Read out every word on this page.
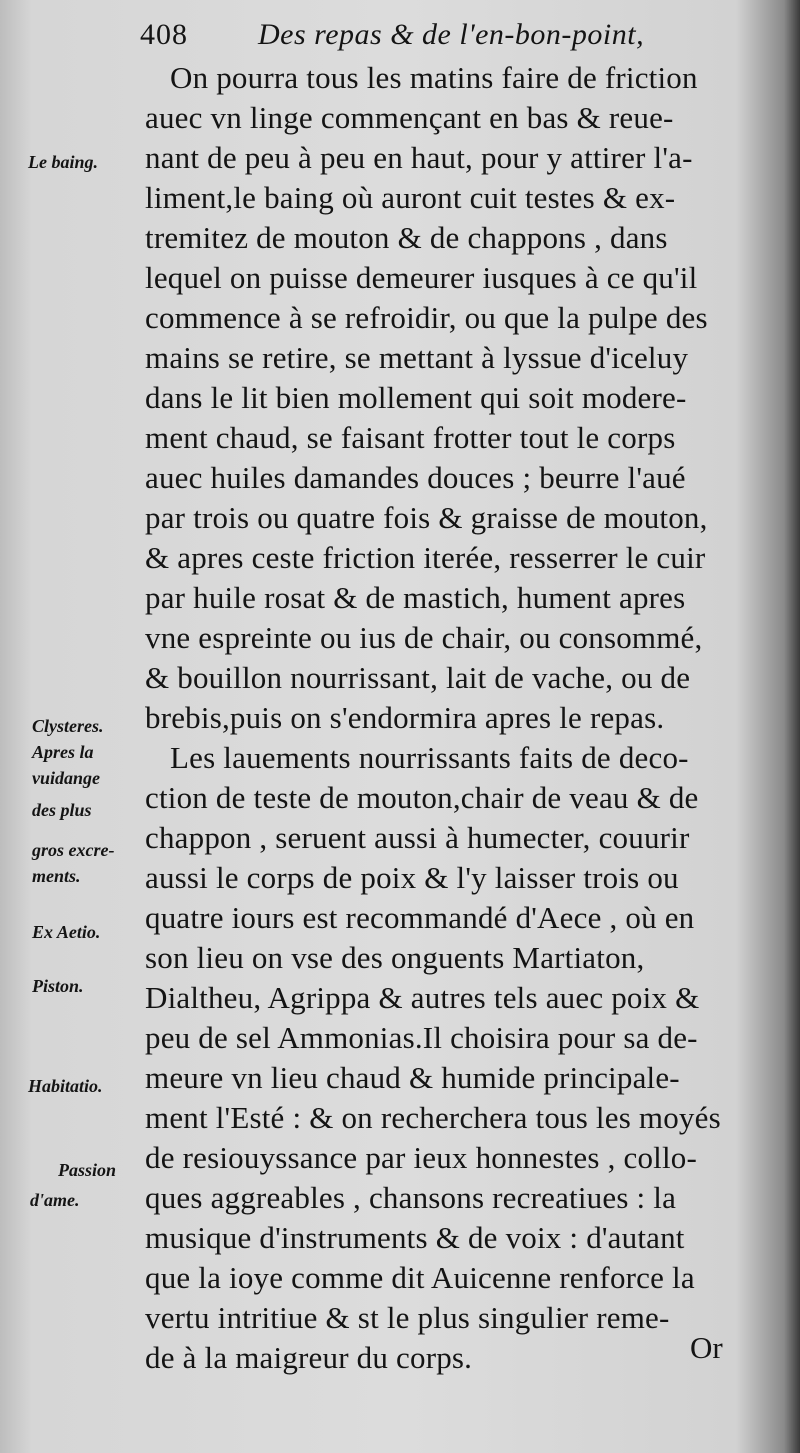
408 Des repas & de l'en-bon-point,
On pourra tous les matins faire de friction
auec vn linge commençant en bas & reue-
nant de peu à peu en haut, pour y attirer l'a-
liment,le baing où auront cuit testes & ex-
tremitez de mouton & de chappons , dans
lequel on puisse demeurer iusques à ce qu'il
commence à se refroidir, ou que la pulpe des
mains se retire, se mettant à lyssue d'iceluy
dans le lit bien mollement qui soit modere-
ment chaud, se faisant frotter tout le corps
auec huiles damandes douces ; beurre l'aué
par trois ou quatre fois & graisse de mouton,
& apres ceste friction iterée, resserrer le cuir
par huile rosat & de mastich, hument apres
vne espreinte ou ius de chair, ou consommé,
& bouillon nourrissant, lait de vache, ou de
brebis,puis on s'endormira apres le repas.
Les lauements nourrissants faits de deco-
ction de teste de mouton,chair de veau & de
chappon , seruent aussi à humecter, couurir
aussi le corps de poix & l'y laisser trois ou
quatre iours est recommandé d'Aece , où en
son lieu on vse des onguents Martiaton,
Dialtheu, Agrippa & autres tels auec poix &
peu de sel Ammonias.Il choisira pour sa de-
meure vn lieu chaud & humide principale-
ment l'Esté : & on recherchera tous les moyés
de resiouyssance par ieux honnestes , collo-
ques aggreables , chansons recreatiues : la
musique d'instruments & de voix : d'autant
que la ioye comme dit Auicenne renforce la
vertu intritiue & st le plus singulier reme-
de à la maigreur du corps.
Le baing.
Clysteres.
Apres la
vuidange
des plus
gros excre-
ments.
Ex Aetio.
Piston.
Habitatio.
Passion
d'ame.
Or
